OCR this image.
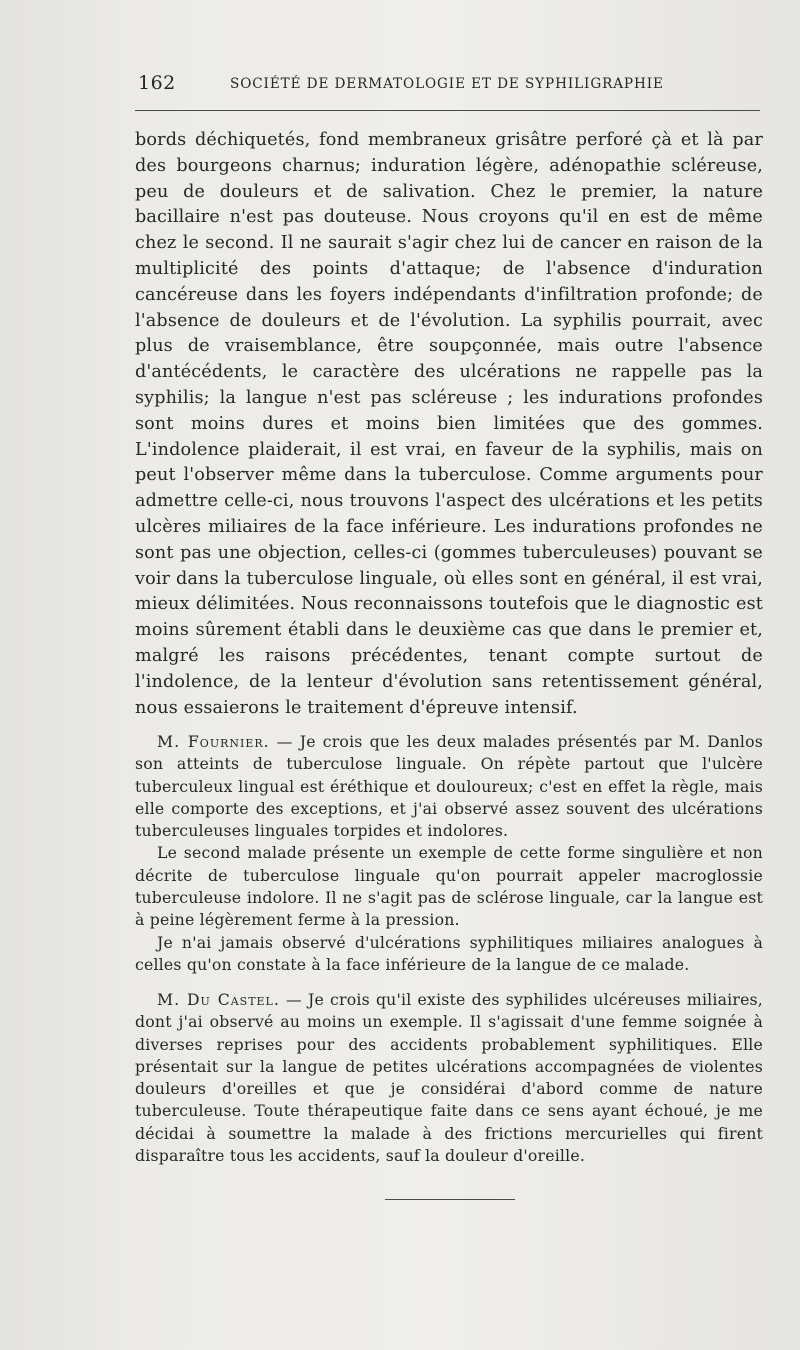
162	SOCIÉTÉ DE DERMATOLOGIE ET DE SYPHILIGRAPHIE

bords déchiquetés, fond membraneux grisâtre perforé çà et là par des bourgeons charnus; induration légère, adénopathie scléreuse, peu de douleurs et de salivation. Chez le premier, la nature bacillaire n'est pas douteuse. Nous croyons qu'il en est de même chez le second. Il ne saurait s'agir chez lui de cancer en raison de la multiplicité des points d'attaque; de l'absence d'induration cancéreuse dans les foyers indépendants d'infiltration profonde; de l'absence de douleurs et de l'évolution. La syphilis pourrait, avec plus de vraisemblance, être soupçonnée, mais outre l'absence d'antécédents, le caractère des ulcérations ne rappelle pas la syphilis; la langue n'est pas scléreuse ; les indurations profondes sont moins dures et moins bien limitées que des gommes. L'indolence plaiderait, il est vrai, en faveur de la syphilis, mais on peut l'observer même dans la tuberculose. Comme arguments pour admettre celle-ci, nous trouvons l'aspect des ulcérations et les petits ulcères miliaires de la face inférieure. Les indurations profondes ne sont pas une objection, celles-ci (gommes tuberculeuses) pouvant se voir dans la tuberculose linguale, où elles sont en général, il est vrai, mieux délimitées. Nous reconnaissons toutefois que le diagnostic est moins sûrement établi dans le deuxième cas que dans le premier et, malgré les raisons précédentes, tenant compte surtout de l'indolence, de la lenteur d'évolution sans retentissement général, nous essaierons le traitement d'épreuve intensif.

M. Fournier. — Je crois que les deux malades présentés par M. Danlos son atteints de tuberculose linguale. On répète partout que l'ulcère tuberculeux lingual est éréthique et douloureux; c'est en effet la règle, mais elle comporte des exceptions, et j'ai observé assez souvent des ulcérations tuberculeuses linguales torpides et indolores.

Le second malade présente un exemple de cette forme singulière et non décrite de tuberculose linguale qu'on pourrait appeler macroglossie tuberculeuse indolore. Il ne s'agit pas de sclérose linguale, car la langue est à peine légèrement ferme à la pression.

Je n'ai jamais observé d'ulcérations syphilitiques miliaires analogues à celles qu'on constate à la face inférieure de la langue de ce malade.

M. Du Castel. — Je crois qu'il existe des syphilides ulcéreuses miliaires, dont j'ai observé au moins un exemple. Il s'agissait d'une femme soignée à diverses reprises pour des accidents probablement syphilitiques. Elle présentait sur la langue de petites ulcérations accompagnées de violentes douleurs d'oreilles et que je considérai d'abord comme de nature tuberculeuse. Toute thérapeutique faite dans ce sens ayant échoué, je me décidai à soumettre la malade à des frictions mercurielles qui firent disparaître tous les accidents, sauf la douleur d'oreille.
